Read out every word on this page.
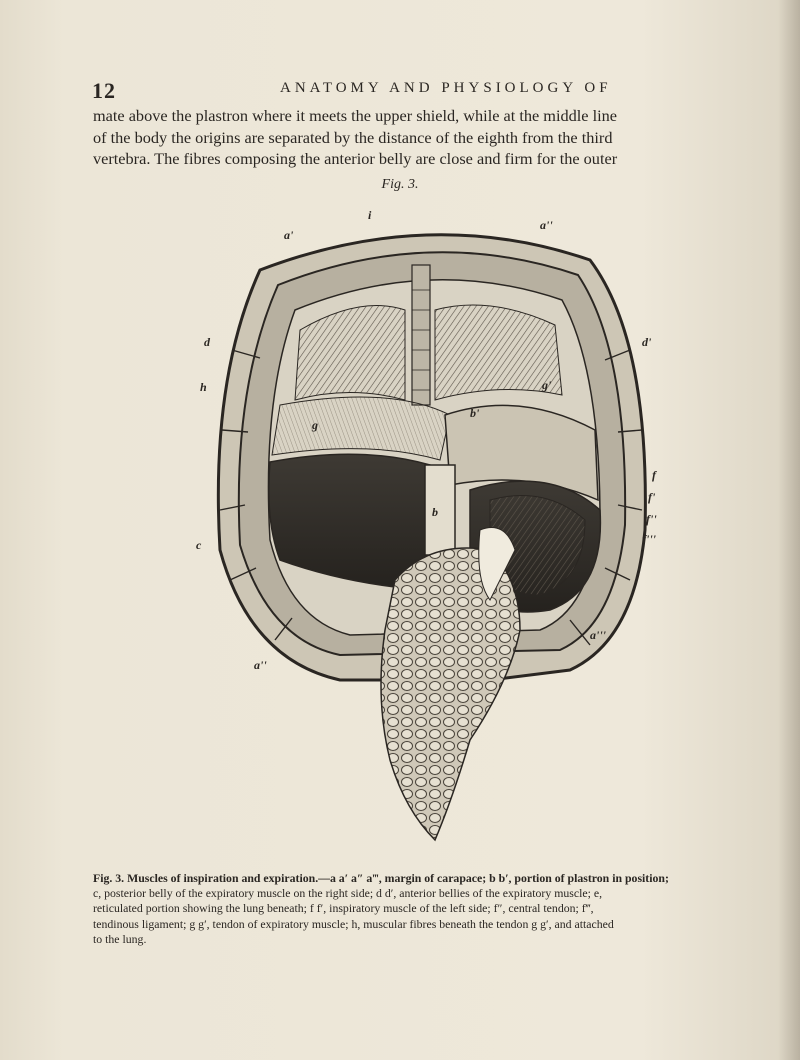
12	ANATOMY AND PHYSIOLOGY OF
mate above the plastron where it meets the upper shield, while at the middle line
of the body the origins are separated by the distance of the eighth from the third
vertebra. The fibres composing the anterior belly are close and firm for the outer
Fig. 3.
i
a'
a''
d	d'
h	g'
g
b'
f
f'
b	f''
f'''
c
a'''
a''
Fig. 3. Muscles of inspiration and expiration.—a a′ a″ a‴, margin of carapace; b b′, portion of plastron in position;
c, posterior belly of the expiratory muscle on the right side; d d′, anterior bellies of the expiratory muscle; e,
reticulated portion showing the lung beneath; f f′, inspiratory muscle of the left side; f″, central tendon; f‴,
tendinous ligament; g g′, tendon of expiratory muscle; h, muscular fibres beneath the tendon g g′, and attached
to the lung.
